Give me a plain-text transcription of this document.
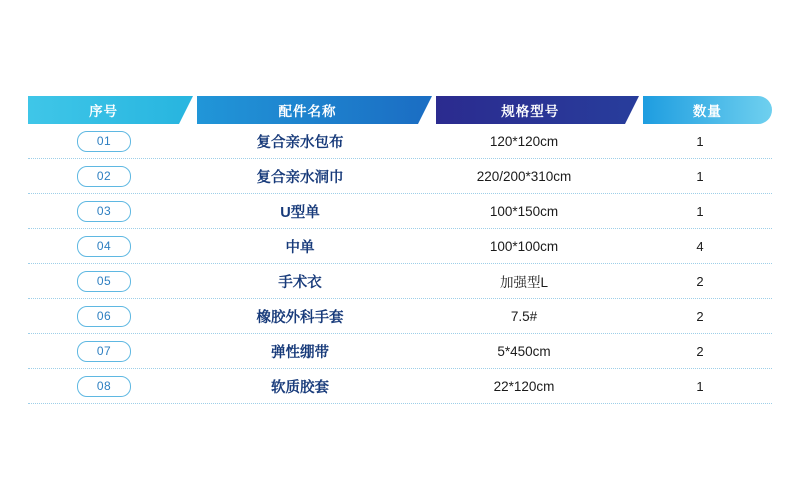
序号	配件名称	规格型号	数量
01	复合亲水包布	120*120cm	1
02	复合亲水洞巾	220/200*310cm	1
03	U型单	100*150cm	1
04	中单	100*100cm	4
05	手术衣	加强型L	2
06	橡胶外科手套	7.5#	2
07	弹性绷带	5*450cm	2
08	软质胶套	22*120cm	1
